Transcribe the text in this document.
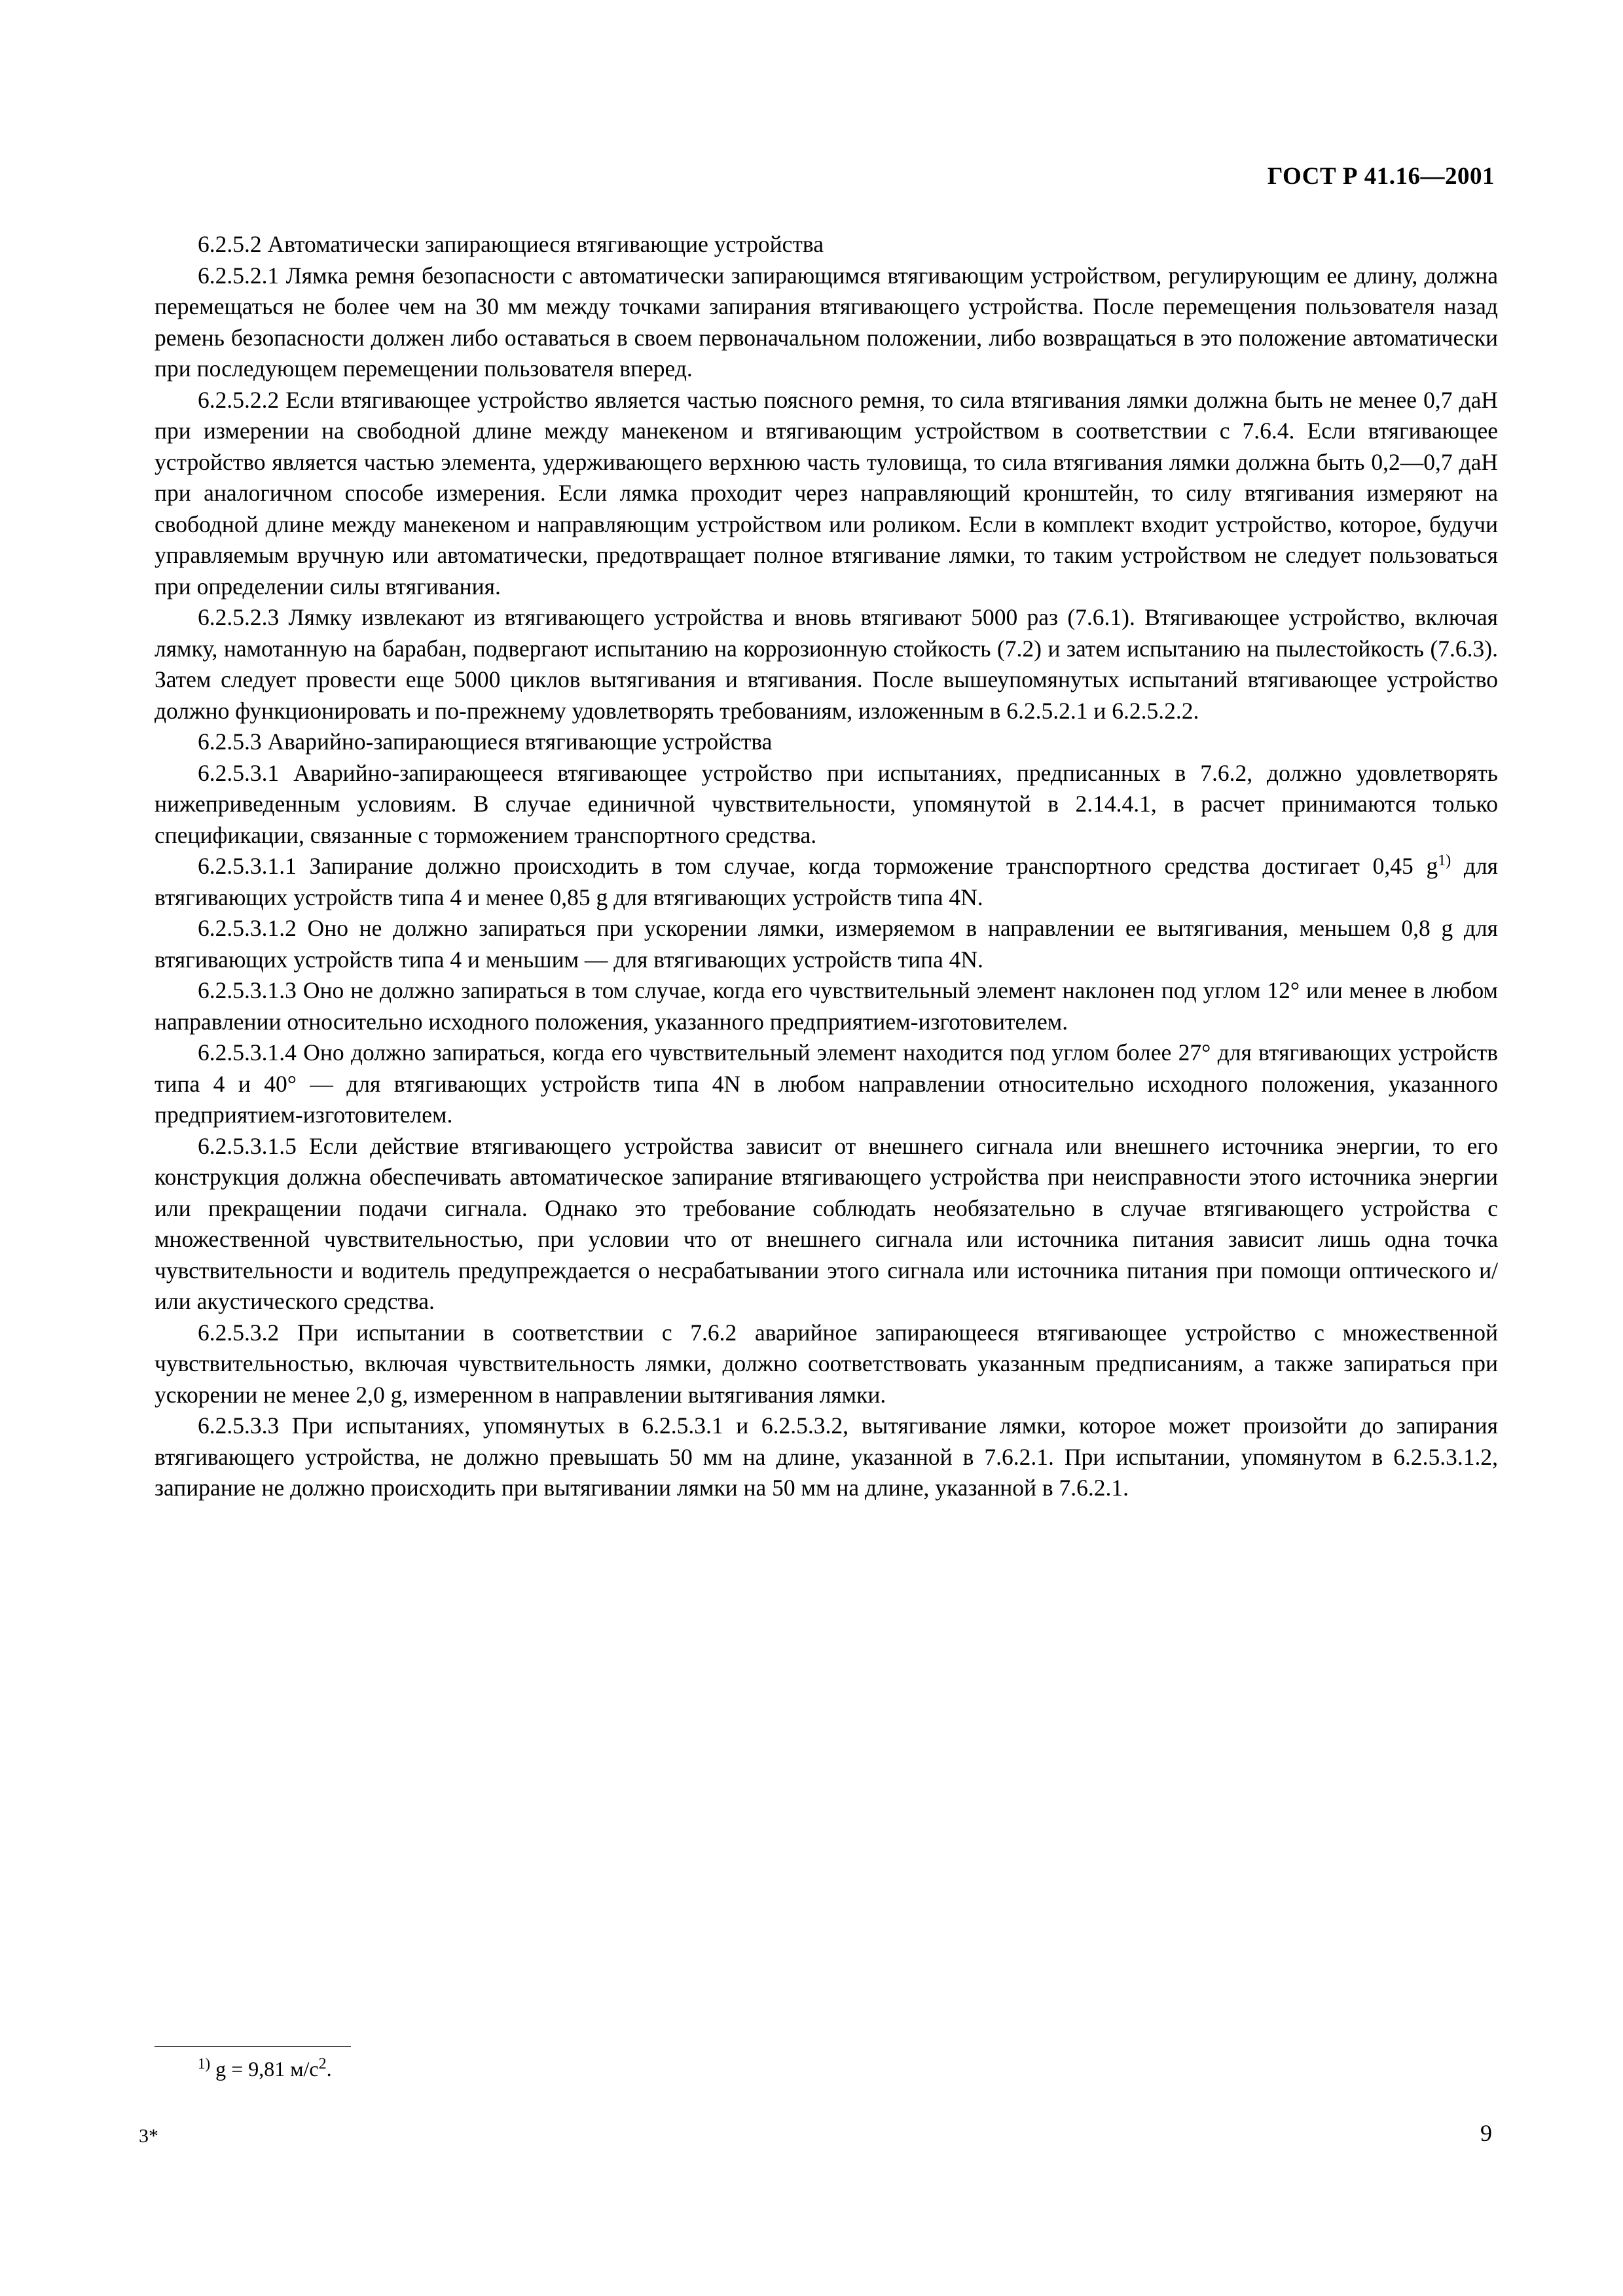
ГОСТ Р 41.16—2001

6.2.5.2 Автоматически запирающиеся втягивающие устройства

6.2.5.2.1 Лямка ремня безопасности с автоматически запирающимся втягивающим устройством, регулирующим ее длину, должна перемещаться не более чем на 30 мм между точками запирания втягивающего устройства. После перемещения пользователя назад ремень безопасности должен либо оставаться в своем первоначальном положении, либо возвращаться в это положение автоматически при последующем перемещении пользователя вперед.

6.2.5.2.2 Если втягивающее устройство является частью поясного ремня, то сила втягивания лямки должна быть не менее 0,7 даН при измерении на свободной длине между манекеном и втягивающим устройством в соответствии с 7.6.4. Если втягивающее устройство является частью элемента, удерживающего верхнюю часть туловища, то сила втягивания лямки должна быть 0,2—0,7 даН при аналогичном способе измерения. Если лямка проходит через направляющий кронштейн, то силу втягивания измеряют на свободной длине между манекеном и направляющим устройством или роликом. Если в комплект входит устройство, которое, будучи управляемым вручную или автоматически, предотвращает полное втягивание лямки, то таким устройством не следует пользоваться при определении силы втягивания.

6.2.5.2.3 Лямку извлекают из втягивающего устройства и вновь втягивают 5000 раз (7.6.1). Втягивающее устройство, включая лямку, намотанную на барабан, подвергают испытанию на коррозионную стойкость (7.2) и затем испытанию на пылестойкость (7.6.3). Затем следует провести еще 5000 циклов вытягивания и втягивания. После вышеупомянутых испытаний втягивающее устройство должно функционировать и по-прежнему удовлетворять требованиям, изложенным в 6.2.5.2.1 и 6.2.5.2.2.

6.2.5.3 Аварийно-запирающиеся втягивающие устройства

6.2.5.3.1 Аварийно-запирающееся втягивающее устройство при испытаниях, предписанных в 7.6.2, должно удовлетворять нижеприведенным условиям. В случае единичной чувствительности, упомянутой в 2.14.4.1, в расчет принимаются только спецификации, связанные с торможением транспортного средства.

6.2.5.3.1.1 Запирание должно происходить в том случае, когда торможение транспортного средства достигает 0,45 $g^{1)}$ для втягивающих устройств типа 4 и менее 0,85 g для втягивающих устройств типа 4N.

6.2.5.3.1.2 Оно не должно запираться при ускорении лямки, измеряемом в направлении ее вытягивания, меньшем 0,8 g для втягивающих устройств типа 4 и меньшим — для втягивающих устройств типа 4N.

6.2.5.3.1.3 Оно не должно запираться в том случае, когда его чувствительный элемент наклонен под углом 12° или менее в любом направлении относительно исходного положения, указанного предприятием-изготовителем.

6.2.5.3.1.4 Оно должно запираться, когда его чувствительный элемент находится под углом более 27° для втягивающих устройств типа 4 и 40° — для втягивающих устройств типа 4N в любом направлении относительно исходного положения, указанного предприятием-изготовителем.

6.2.5.3.1.5 Если действие втягивающего устройства зависит от внешнего сигнала или внешнего источника энергии, то его конструкция должна обеспечивать автоматическое запирание втягивающего устройства при неисправности этого источника энергии или прекращении подачи сигнала. Однако это требование соблюдать необязательно в случае втягивающего устройства с множественной чувствительностью, при условии что от внешнего сигнала или источника питания зависит лишь одна точка чувствительности и водитель предупреждается о несрабатывании этого сигнала или источника питания при помощи оптического и/или акустического средства.

6.2.5.3.2 При испытании в соответствии с 7.6.2 аварийное запирающееся втягивающее устройство с множественной чувствительностью, включая чувствительность лямки, должно соответствовать указанным предписаниям, а также запираться при ускорении не менее 2,0 g, измеренном в направлении вытягивания лямки.

6.2.5.3.3 При испытаниях, упомянутых в 6.2.5.3.1 и 6.2.5.3.2, вытягивание лямки, которое может произойти до запирания втягивающего устройства, не должно превышать 50 мм на длине, указанной в 7.6.2.1. При испытании, упомянутом в 6.2.5.3.1.2, запирание не должно происходить при вытягивании лямки на 50 мм на длине, указанной в 7.6.2.1.

$^{1)}$ g = 9,81 $м/с^2$.
3*	9
